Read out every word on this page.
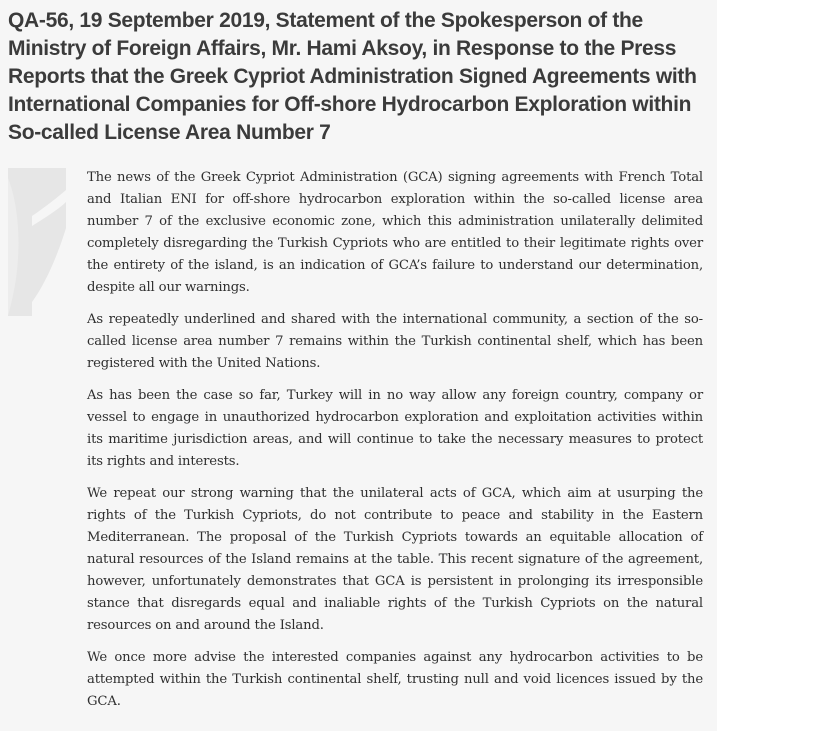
QA-56, 19 September 2019, Statement of the Spokesperson of the Ministry of Foreign Affairs, Mr. Hami Aksoy, in Response to the Press Reports that the Greek Cypriot Administration Signed Agreements with International Companies for Off-shore Hydrocarbon Exploration within So-called License Area Number 7

The news of the Greek Cypriot Administration (GCA) signing agreements with French Total and Italian ENI for off-shore hydrocarbon exploration within the so-called license area number 7 of the exclusive economic zone, which this administration unilaterally delimited completely disregarding the Turkish Cypriots who are entitled to their legitimate rights over the entirety of the island, is an indication of GCA’s failure to understand our determination, despite all our warnings.

As repeatedly underlined and shared with the international community, a section of the so-called license area number 7 remains within the Turkish continental shelf, which has been registered with the United Nations.

As has been the case so far, Turkey will in no way allow any foreign country, company or vessel to engage in unauthorized hydrocarbon exploration and exploitation activities within its maritime jurisdiction areas, and will continue to take the necessary measures to protect its rights and interests.

We repeat our strong warning that the unilateral acts of GCA, which aim at usurping the rights of the Turkish Cypriots, do not contribute to peace and stability in the Eastern Mediterranean. The proposal of the Turkish Cypriots towards an equitable allocation of natural resources of the Island remains at the table. This recent signature of the agreement, however, unfortunately demonstrates that GCA is persistent in prolonging its irresponsible stance that disregards equal and inaliable rights of the Turkish Cypriots on the natural resources on and around the Island.

We once more advise the interested companies against any hydrocarbon activities to be attempted within the Turkish continental shelf, trusting null and void licences issued by the GCA.
